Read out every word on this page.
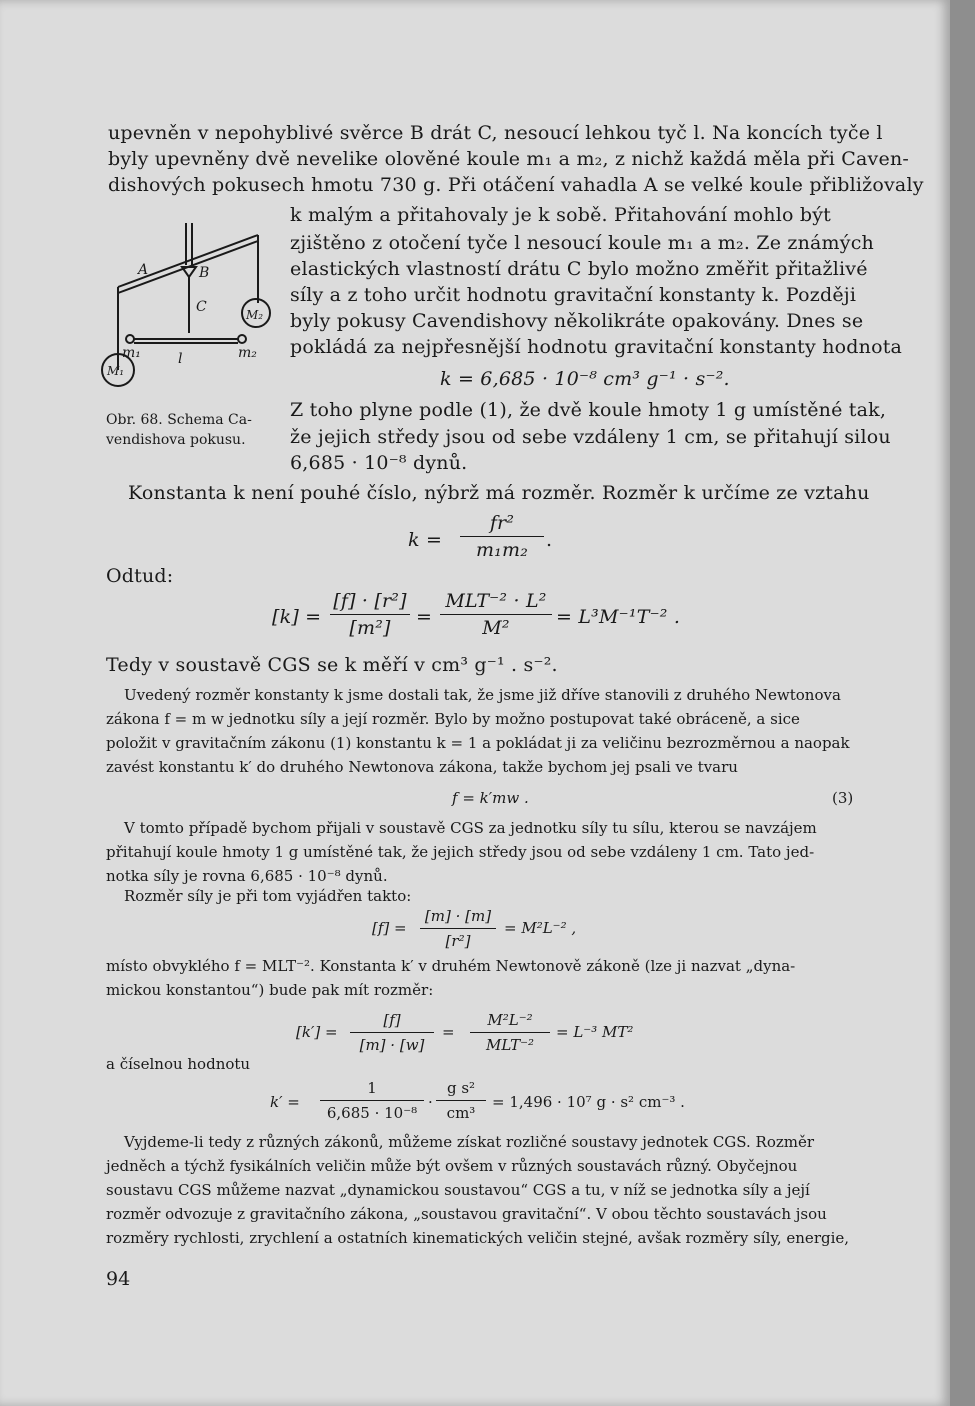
upevněn v nepohyblivé svěrce B drát C, nesoucí lehkou tyč l. Na koncích tyče l
byly upevněny dvě nevelike olověné koule m₁ a m₂, z nichž každá měla při Caven-
dishových pokusech hmotu 730 g. Při otáčení vahadla A se velké koule přibližovaly
A	B
C	M₂
M₁
m₁	m₂
l
k malým a přitahovaly je k sobě. Přitahování mohlo být
zjištěno z otočení tyče l nesoucí koule m₁ a m₂. Ze známých
elastických vlastností drátu C bylo možno změřit přitažlivé
síly a z toho určit hodnotu gravitační konstanty k. Později
byly pokusy Cavendishovy několikráte opakovány. Dnes se
pokládá za nejpřesnější hodnotu gravitační konstanty hodnota
k = 6,685 · 10⁻⁸ cm³ g⁻¹ · s⁻².
Z toho plyne podle (1), že dvě koule hmoty 1 g umístěné tak,
že jejich středy jsou od sebe vzdáleny 1 cm, se přitahují silou
6,685 · 10⁻⁸ dynů.
Obr. 68. Schema Ca-
vendishova pokusu.
Konstanta k není pouhé číslo, nýbrž má rozměr. Rozměr k určíme ze vztahu
$k = \frac{\text{fr²}}{\text{m₁m₂}}$ .
Odtud:
$[k] = \frac{\text{[f] · [r²]}}{\text{[m²]}}$ =
MLT⁻² · L²
M²	= L³M⁻¹T⁻² .
Tedy v soustavě CGS se k měří v cm³ g⁻¹ . s⁻².
Uvedený rozměr konstanty k jsme dostali tak, že jsme již dříve stanovili z druhého Newtonova
zákona f = m w jednotku síly a její rozměr. Bylo by možno postupovat také obráceně, a sice
položit v gravitačním zákonu (1) konstantu k = 1 a pokládat ji za veličinu bezrozměrnou a naopak
zavést konstantu k′ do druhého Newtonova zákona, takže bychom jej psali ve tvaru
f = k′mw .	(3)
V tomto případě bychom přijali v soustavě CGS za jednotku síly tu sílu, kterou se navzájem
přitahují koule hmoty 1 g umístěné tak, že jejich středy jsou od sebe vzdáleny 1 cm. Tato jed-
notka síly je rovna 6,685 · 10⁻⁸ dynů.
Rozměr síly je při tom vyjádřen takto:
$[f] = \frac{[m] \cdot [m]}{\text{[r²]}} = M^2L^{-2}$ ,
místo obvyklého f = MLT⁻². Konstanta k′ v druhém Newtonově zákoně (lze ji nazvat „dyna-
mickou konstantou“) bude pak mít rozměr:
$[k'] = \frac{[f]}{[m] \cdot [w]}$ =
M²L⁻²
MLT⁻²
= L⁻³ MT²
a číselnou hodnotu
$k' = \frac{1}{\text{6,685 · 10⁻⁸}} \cdot \frac{\text{g s²}}{\text{cm³}} = 1,496 \cdot 10^7$ g · s² cm⁻³ .
Vyjdeme-li tedy z různých zákonů, můžeme získat rozličné soustavy jednotek CGS. Rozměr
jedněch a týchž fysikálních veličin může být ovšem v různých soustavách různý. Obyčejnou
soustavu CGS můžeme nazvat „dynamickou soustavou“ CGS a tu, v níž se jednotka síly a její
rozměr odvozuje z gravitačního zákona, „soustavou gravitační“. V obou těchto soustavách jsou
rozměry rychlosti, zrychlení a ostatních kinematických veličin stejné, avšak rozměry síly, energie,
94
